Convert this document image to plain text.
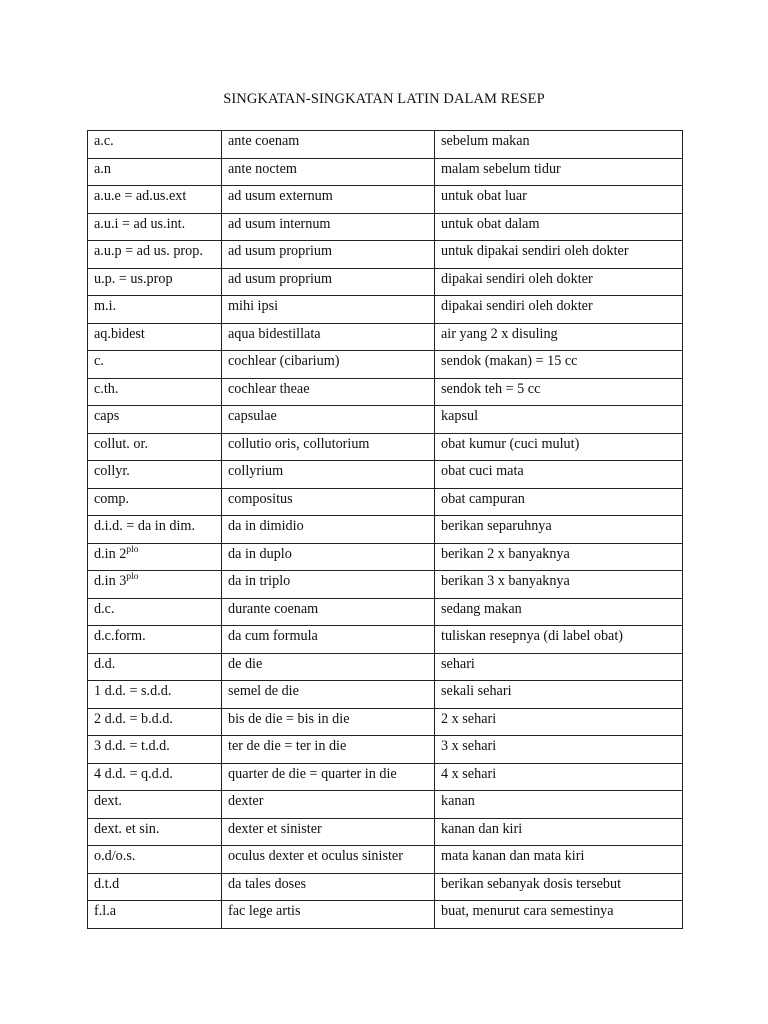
SINGKATAN-SINGKATAN LATIN DALAM RESEP
a.c.	ante coenam	sebelum makan
a.n	ante noctem	malam sebelum tidur
a.u.e = ad.us.ext	ad usum externum	untuk obat luar
a.u.i = ad us.int.	ad usum internum	untuk obat dalam
a.u.p = ad us. prop.	ad usum proprium	untuk dipakai sendiri oleh dokter
u.p. = us.prop	ad usum proprium	dipakai sendiri oleh dokter
m.i.	mihi ipsi	dipakai sendiri oleh dokter
aq.bidest	aqua bidestillata	air yang 2 x disuling
c.	cochlear (cibarium)	sendok (makan) = 15 cc
c.th.	cochlear theae	sendok teh = 5 cc
caps	capsulae	kapsul
collut. or.	collutio oris, collutorium	obat kumur (cuci mulut)
collyr.	collyrium	obat cuci mata
comp.	compositus	obat campuran
d.i.d. = da in dim.	da in dimidio	berikan separuhnya
d.in $2^{plo}$	da in duplo	berikan 2 x banyaknya
d.in $3^{plo}$	da in triplo	berikan 3 x banyaknya
d.c.	durante coenam	sedang makan
d.c.form.	da cum formula	tuliskan resepnya (di label obat)
d.d.	de die	sehari
1 d.d. = s.d.d.	semel de die	sekali sehari
2 d.d. = b.d.d.	bis de die = bis in die	2 x sehari
3 d.d. = t.d.d.	ter de die = ter in die	3 x sehari
4 d.d. = q.d.d.	quarter de die = quarter in die	4 x sehari
dext.	dexter	kanan
dext. et sin.	dexter et sinister	kanan dan kiri
o.d/o.s.	oculus dexter et oculus sinister	mata kanan dan mata kiri
d.t.d	da tales doses	berikan sebanyak dosis tersebut
f.l.a	fac lege artis	buat, menurut cara semestinya
